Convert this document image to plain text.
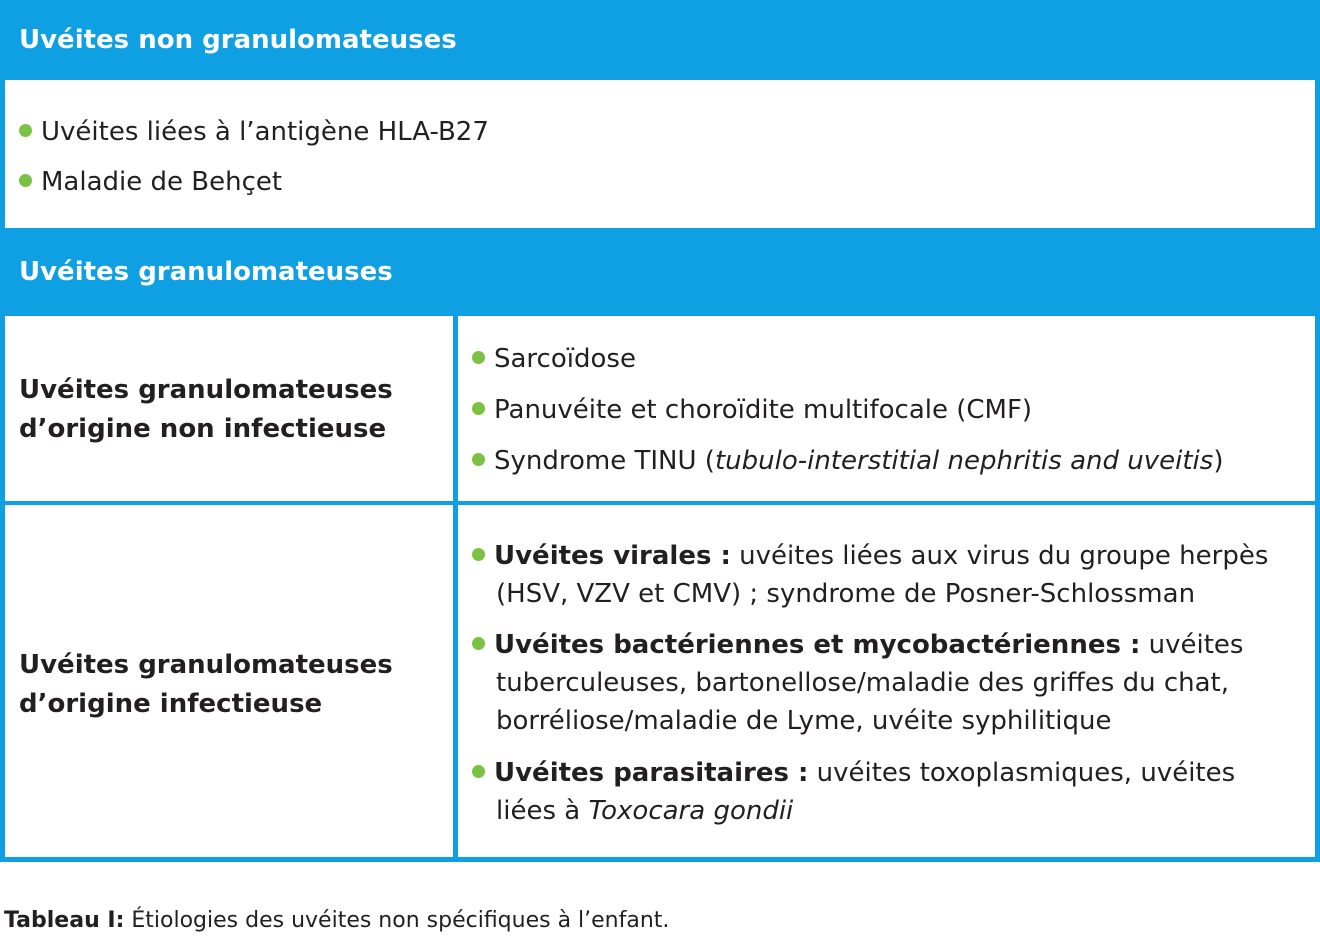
Uvéites non granulomateuses
Uvéites liées à l’antigène HLA-B27
Maladie de Behçet
Uvéites granulomateuses
Uvéites granulomateuses
d’origine non infectieuse
Sarcoïdose
Panuvéite et choroïdite multifocale (CMF)
Syndrome TINU (tubulo-interstitial nephritis and uveitis)
Uvéites granulomateuses
d’origine infectieuse
Uvéites virales : uvéites liées aux virus du groupe herpès
(HSV, VZV et CMV) ; syndrome de Posner-Schlossman
Uvéites bactériennes et mycobactériennes : uvéites
tuberculeuses, bartonellose/maladie des griffes du chat,
borréliose/maladie de Lyme, uvéite syphilitique
Uvéites parasitaires : uvéites toxoplasmiques, uvéites
liées à Toxocara gondii
Tableau I: Étiologies des uvéites non spécifiques à l’enfant.
